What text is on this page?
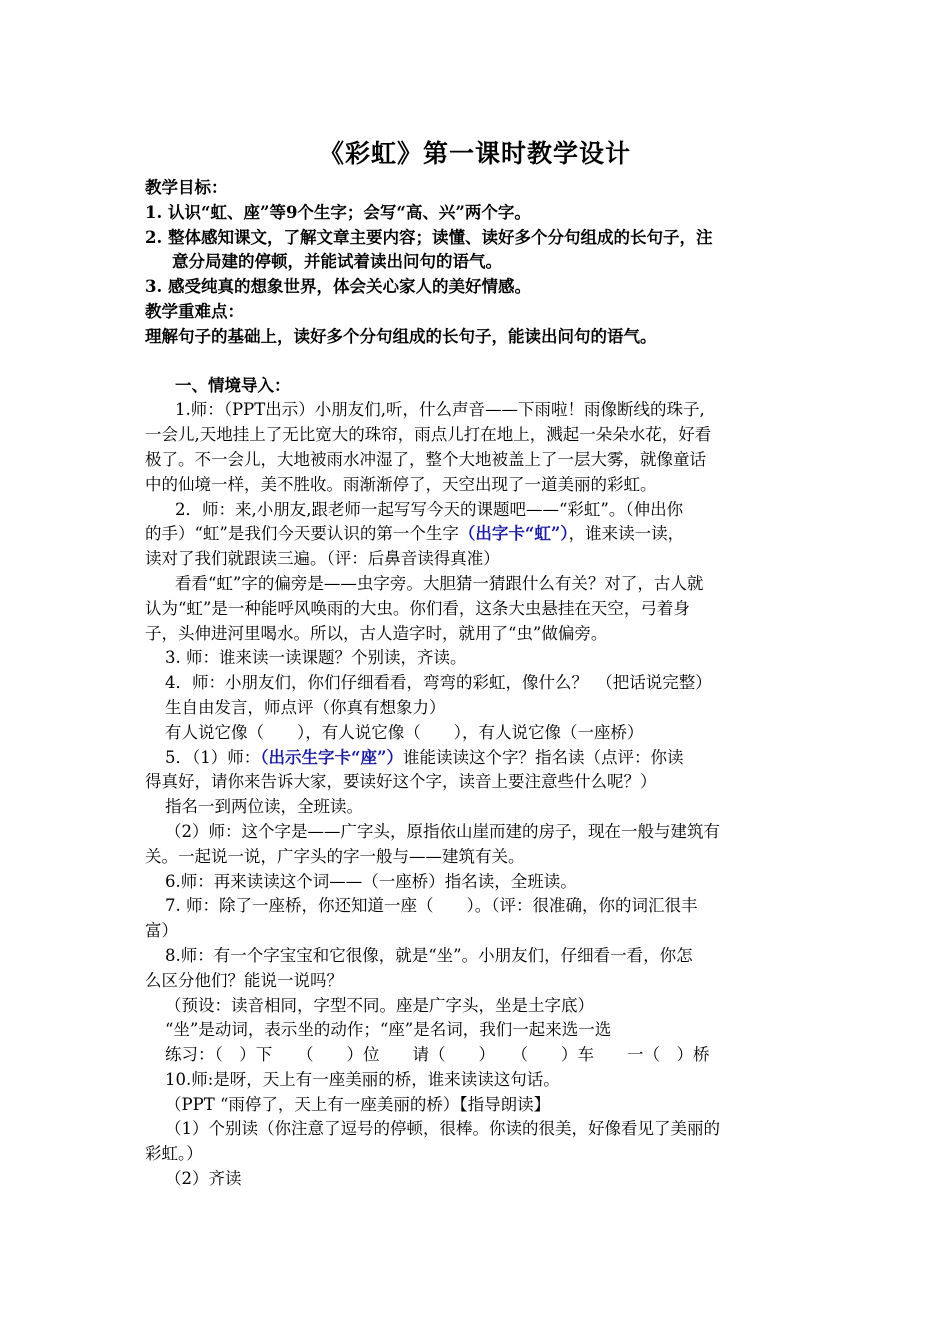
《彩虹》第一课时教学设计
教学目标：
1. 认识“虹、座”等9个生字；会写“高、兴”两个字。
2. 整体感知课文，了解文章主要内容；读懂、读好多个分句组成的长句子，注
意分局建的停顿，并能试着读出问句的语气。
3. 感受纯真的想象世界，体会关心家人的美好情感。
教学重难点：
理解句子的基础上，读好多个分句组成的长句子，能读出问句的语气。
一、情境导入：
1.师：（PPT出示）小朋友们,听，什么声音——下雨啦！雨像断线的珠子,
一会儿,天地挂上了无比宽大的珠帘，雨点儿打在地上，溅起一朵朵水花，好看
极了。不一会儿，大地被雨水冲湿了，整个大地被盖上了一层大雾，就像童话
中的仙境一样，美不胜收。雨渐渐停了，天空出现了一道美丽的彩虹。
2．师：来,小朋友,跟老师一起写写今天的课题吧——“彩虹”。（伸出你
的手）“虹”是我们今天要认识的第一个生字（出字卡“虹”），谁来读一读，
读对了我们就跟读三遍。（评：后鼻音读得真准）
看看“虹”字的偏旁是——虫字旁。大胆猜一猜跟什么有关？对了，古人就
认为“虹”是一种能呼风唤雨的大虫。你们看，这条大虫悬挂在天空，弓着身
子，头伸进河里喝水。所以，古人造字时，就用了“虫”做偏旁。
3. 师：谁来读一读课题？个别读，齐读。
4．师：小朋友们，你们仔细看看，弯弯的彩虹，像什么？　（把话说完整）
生自由发言，师点评（你真有想象力）
有人说它像（　　），有人说它像（　　），有人说它像（一座桥）
5．（1）师：（出示生字卡“座”）谁能读读这个字？指名读（点评：你读
得真好，请你来告诉大家，要读好这个字，读音上要注意些什么呢？）
指名一到两位读，全班读。
（2）师：这个字是——广字头，原指依山崖而建的房子，现在一般与建筑有
关。一起说一说，广字头的字一般与——建筑有关。
6.师：再来读读这个词——（一座桥）指名读，全班读。
7. 师：除了一座桥，你还知道一座（　　）。（评：很准确，你的词汇很丰
富）
8.师：有一个字宝宝和它很像，就是“坐”。小朋友们，仔细看一看，你怎
么区分他们？能说一说吗？
（预设：读音相同，字型不同。座是广字头，坐是土字底）
“坐”是动词，表示坐的动作；“座”是名词，我们一起来选一选
练习：（　）下　　（　　）位　　请（　　）　　（　　）车　　一（　）桥
10.师:是呀，天上有一座美丽的桥，谁来读读这句话。
（PPT “雨停了，天上有一座美丽的桥）【指导朗读】
（1）个别读（你注意了逗号的停顿，很棒。你读的很美，好像看见了美丽的
彩虹。）
（2）齐读
